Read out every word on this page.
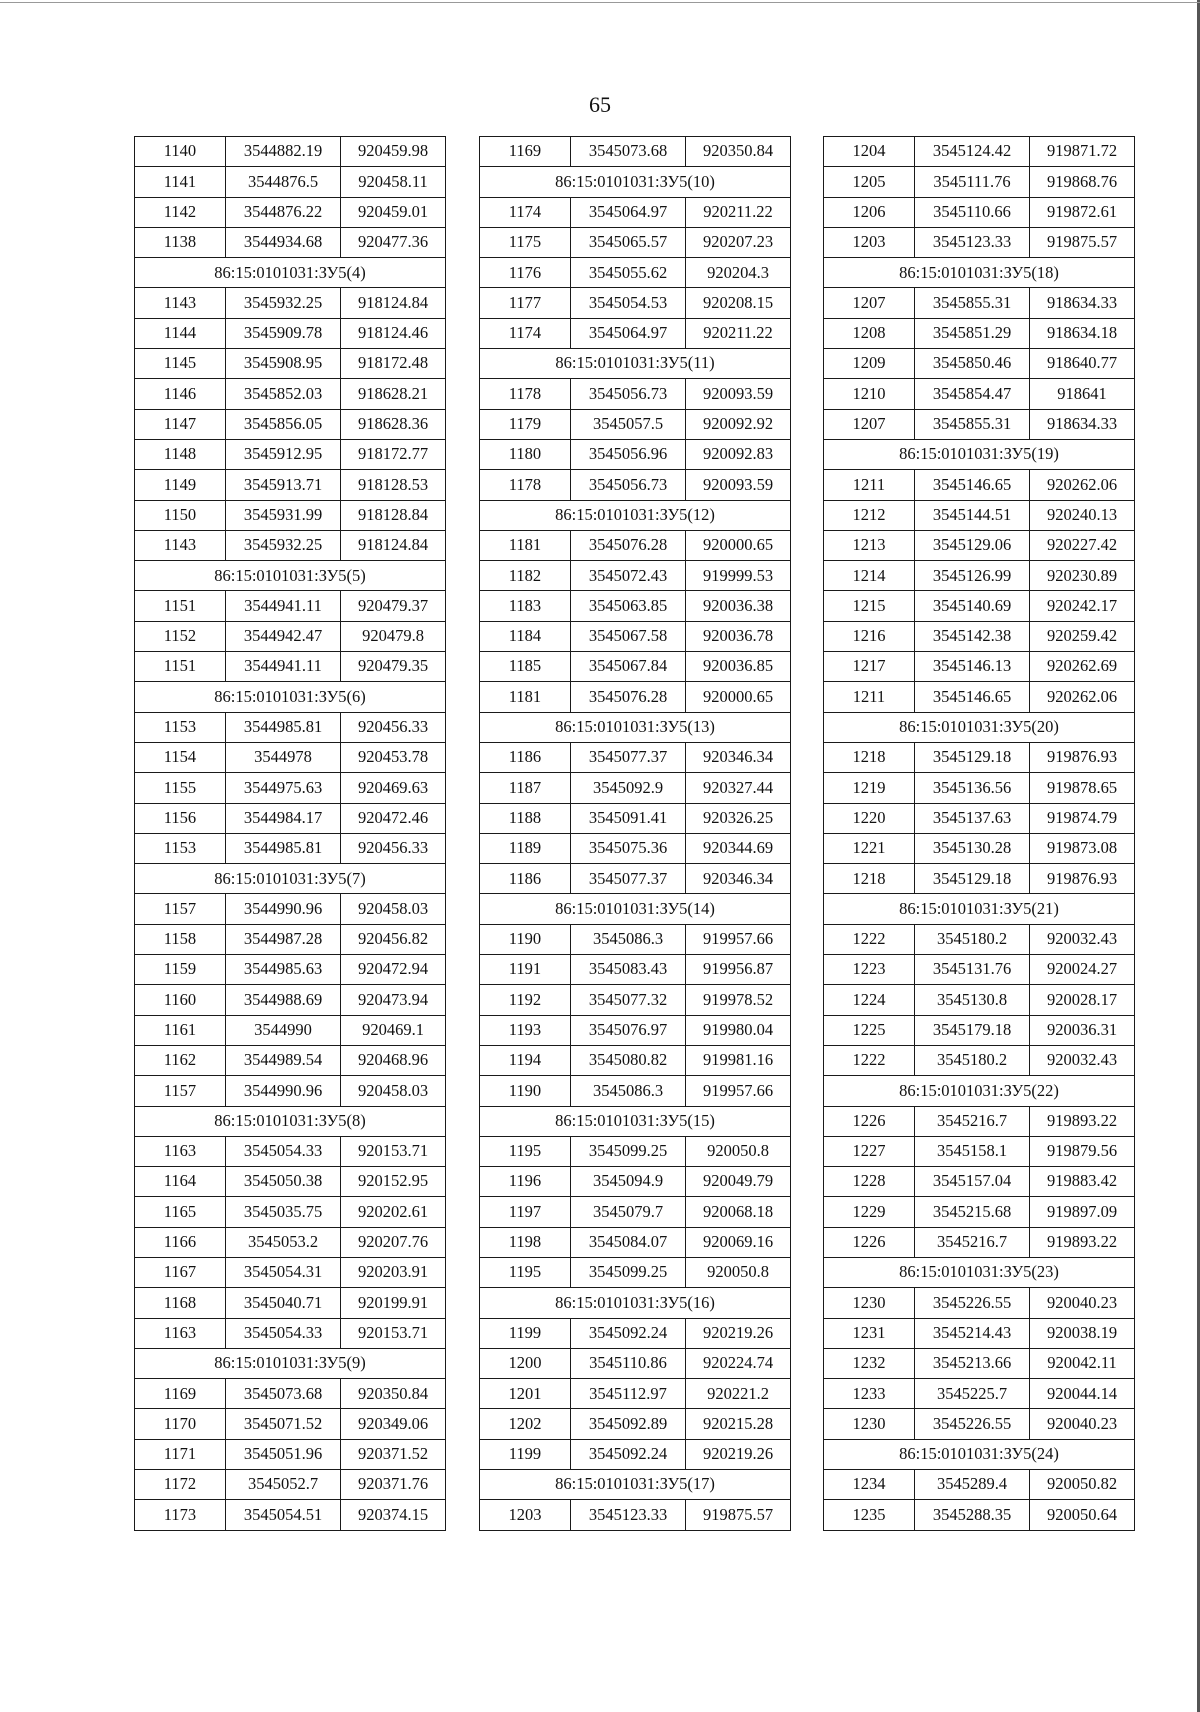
65
1140	3544882.19	920459.98
1141	3544876.5	920458.11
1142	3544876.22	920459.01
1138	3544934.68	920477.36
86:15:0101031:ЗУ5(4)		
1143	3545932.25	918124.84
1144	3545909.78	918124.46
1145	3545908.95	918172.48
1146	3545852.03	918628.21
1147	3545856.05	918628.36
1148	3545912.95	918172.77
1149	3545913.71	918128.53
1150	3545931.99	918128.84
1143	3545932.25	918124.84
86:15:0101031:ЗУ5(5)		
1151	3544941.11	920479.37
1152	3544942.47	920479.8
1151	3544941.11	920479.35
86:15:0101031:ЗУ5(6)		
1153	3544985.81	920456.33
1154	3544978	920453.78
1155	3544975.63	920469.63
1156	3544984.17	920472.46
1153	3544985.81	920456.33
86:15:0101031:ЗУ5(7)		
1157	3544990.96	920458.03
1158	3544987.28	920456.82
1159	3544985.63	920472.94
1160	3544988.69	920473.94
1161	3544990	920469.1
1162	3544989.54	920468.96
1157	3544990.96	920458.03
86:15:0101031:ЗУ5(8)		
1163	3545054.33	920153.71
1164	3545050.38	920152.95
1165	3545035.75	920202.61
1166	3545053.2	920207.76
1167	3545054.31	920203.91
1168	3545040.71	920199.91
1163	3545054.33	920153.71
86:15:0101031:ЗУ5(9)		
1169	3545073.68	920350.84
1170	3545071.52	920349.06
1171	3545051.96	920371.52
1172	3545052.7	920371.76
1173	3545054.51	920374.15
1169	3545073.68	920350.84
86:15:0101031:ЗУ5(10)		
1174	3545064.97	920211.22
1175	3545065.57	920207.23
1176	3545055.62	920204.3
1177	3545054.53	920208.15
1174	3545064.97	920211.22
86:15:0101031:ЗУ5(11)		
1178	3545056.73	920093.59
1179	3545057.5	920092.92
1180	3545056.96	920092.83
1178	3545056.73	920093.59
86:15:0101031:ЗУ5(12)		
1181	3545076.28	920000.65
1182	3545072.43	919999.53
1183	3545063.85	920036.38
1184	3545067.58	920036.78
1185	3545067.84	920036.85
1181	3545076.28	920000.65
86:15:0101031:ЗУ5(13)		
1186	3545077.37	920346.34
1187	3545092.9	920327.44
1188	3545091.41	920326.25
1189	3545075.36	920344.69
1186	3545077.37	920346.34
86:15:0101031:ЗУ5(14)		
1190	3545086.3	919957.66
1191	3545083.43	919956.87
1192	3545077.32	919978.52
1193	3545076.97	919980.04
1194	3545080.82	919981.16
1190	3545086.3	919957.66
86:15:0101031:ЗУ5(15)		
1195	3545099.25	920050.8
1196	3545094.9	920049.79
1197	3545079.7	920068.18
1198	3545084.07	920069.16
1195	3545099.25	920050.8
86:15:0101031:ЗУ5(16)		
1199	3545092.24	920219.26
1200	3545110.86	920224.74
1201	3545112.97	920221.2
1202	3545092.89	920215.28
1199	3545092.24	920219.26
86:15:0101031:ЗУ5(17)		
1203	3545123.33	919875.57
1204	3545124.42	919871.72
1205	3545111.76	919868.76
1206	3545110.66	919872.61
1203	3545123.33	919875.57
86:15:0101031:ЗУ5(18)		
1207	3545855.31	918634.33
1208	3545851.29	918634.18
1209	3545850.46	918640.77
1210	3545854.47	918641
1207	3545855.31	918634.33
86:15:0101031:ЗУ5(19)		
1211	3545146.65	920262.06
1212	3545144.51	920240.13
1213	3545129.06	920227.42
1214	3545126.99	920230.89
1215	3545140.69	920242.17
1216	3545142.38	920259.42
1217	3545146.13	920262.69
1211	3545146.65	920262.06
86:15:0101031:ЗУ5(20)		
1218	3545129.18	919876.93
1219	3545136.56	919878.65
1220	3545137.63	919874.79
1221	3545130.28	919873.08
1218	3545129.18	919876.93
86:15:0101031:ЗУ5(21)		
1222	3545180.2	920032.43
1223	3545131.76	920024.27
1224	3545130.8	920028.17
1225	3545179.18	920036.31
1222	3545180.2	920032.43
86:15:0101031:ЗУ5(22)		
1226	3545216.7	919893.22
1227	3545158.1	919879.56
1228	3545157.04	919883.42
1229	3545215.68	919897.09
1226	3545216.7	919893.22
86:15:0101031:ЗУ5(23)		
1230	3545226.55	920040.23
1231	3545214.43	920038.19
1232	3545213.66	920042.11
1233	3545225.7	920044.14
1230	3545226.55	920040.23
86:15:0101031:ЗУ5(24)		
1234	3545289.4	920050.82
1235	3545288.35	920050.64
